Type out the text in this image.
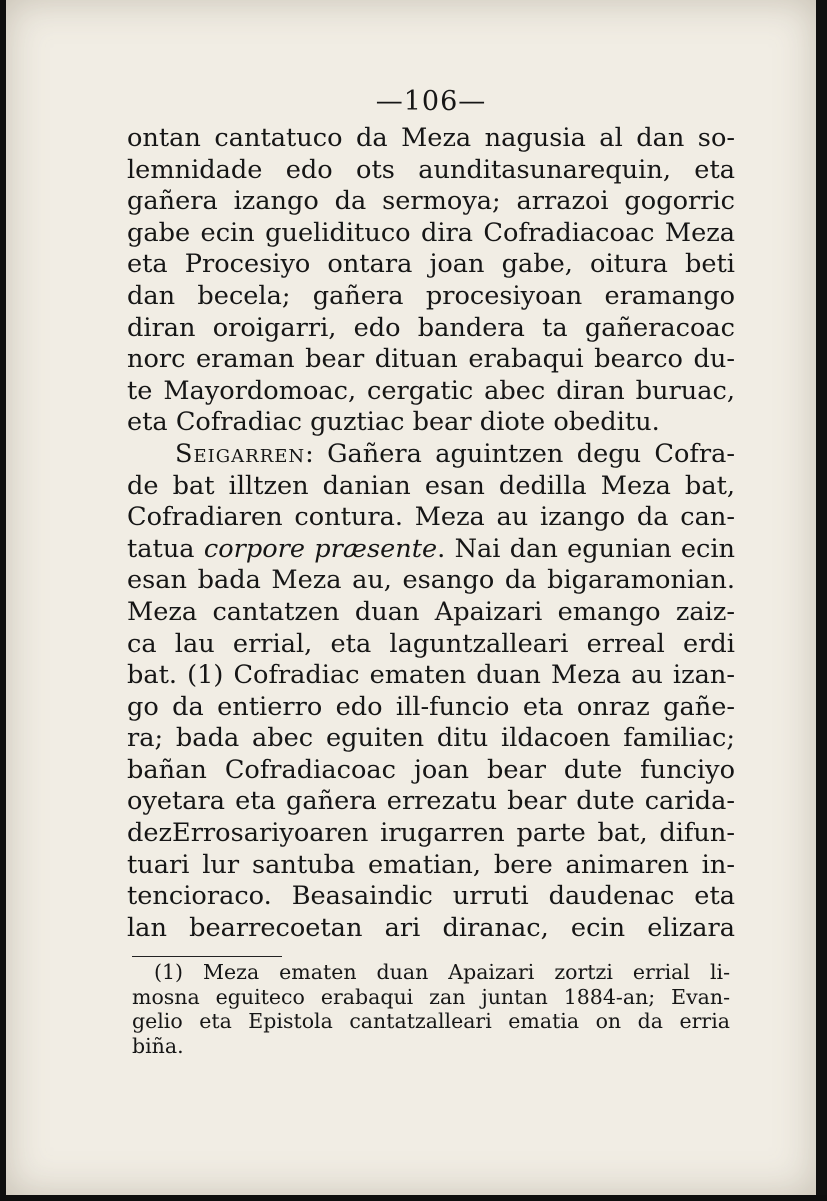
—106—
ontan cantatuco da Meza nagusia al dan so-
lemnidade edo ots aunditasunarequin, eta
gañera izango da sermoya; arrazoi gogorric
gabe ecin guelidituco dira Cofradiacoac Meza
eta Procesiyo ontara joan gabe, oitura beti
dan becela; gañera procesiyoan eramango
diran oroigarri, edo bandera ta gañeracoac
norc eraman bear dituan erabaqui bearco du-
te Mayordomoac, cergatic abec diran buruac,
eta Cofradiac guztiac bear diote obeditu.
Seigarren: Gañera aguintzen degu Cofra-
de bat illtzen danian esan dedilla Meza bat,
Cofradiaren contura. Meza au izango da can-
tatua corpore præsente. Nai dan egunian ecin
esan bada Meza au, esango da bigaramonian.
Meza cantatzen duan Apaizari emango zaiz-
ca lau errial, eta laguntzalleari erreal erdi
bat. (1) Cofradiac ematen duan Meza au izan-
go da entierro edo ill-funcio eta onraz gañe-
ra; bada abec eguiten ditu ildacoen familiac;
bañan Cofradiacoac joan bear dute funciyo
oyetara eta gañera errezatu bear dute carida-
dezErrosariyoaren irugarren parte bat, difun-
tuari lur santuba ematian, bere animaren in-
tencioraco. Beasaindic urruti daudenac eta
lan bearrecoetan ari diranac, ecin elizara
(1) Meza ematen duan Apaizari zortzi errial li-
mosna eguiteco erabaqui zan juntan 1884-an; Evan-
gelio eta Epistola cantatzalleari ematia on da erria
biña.
